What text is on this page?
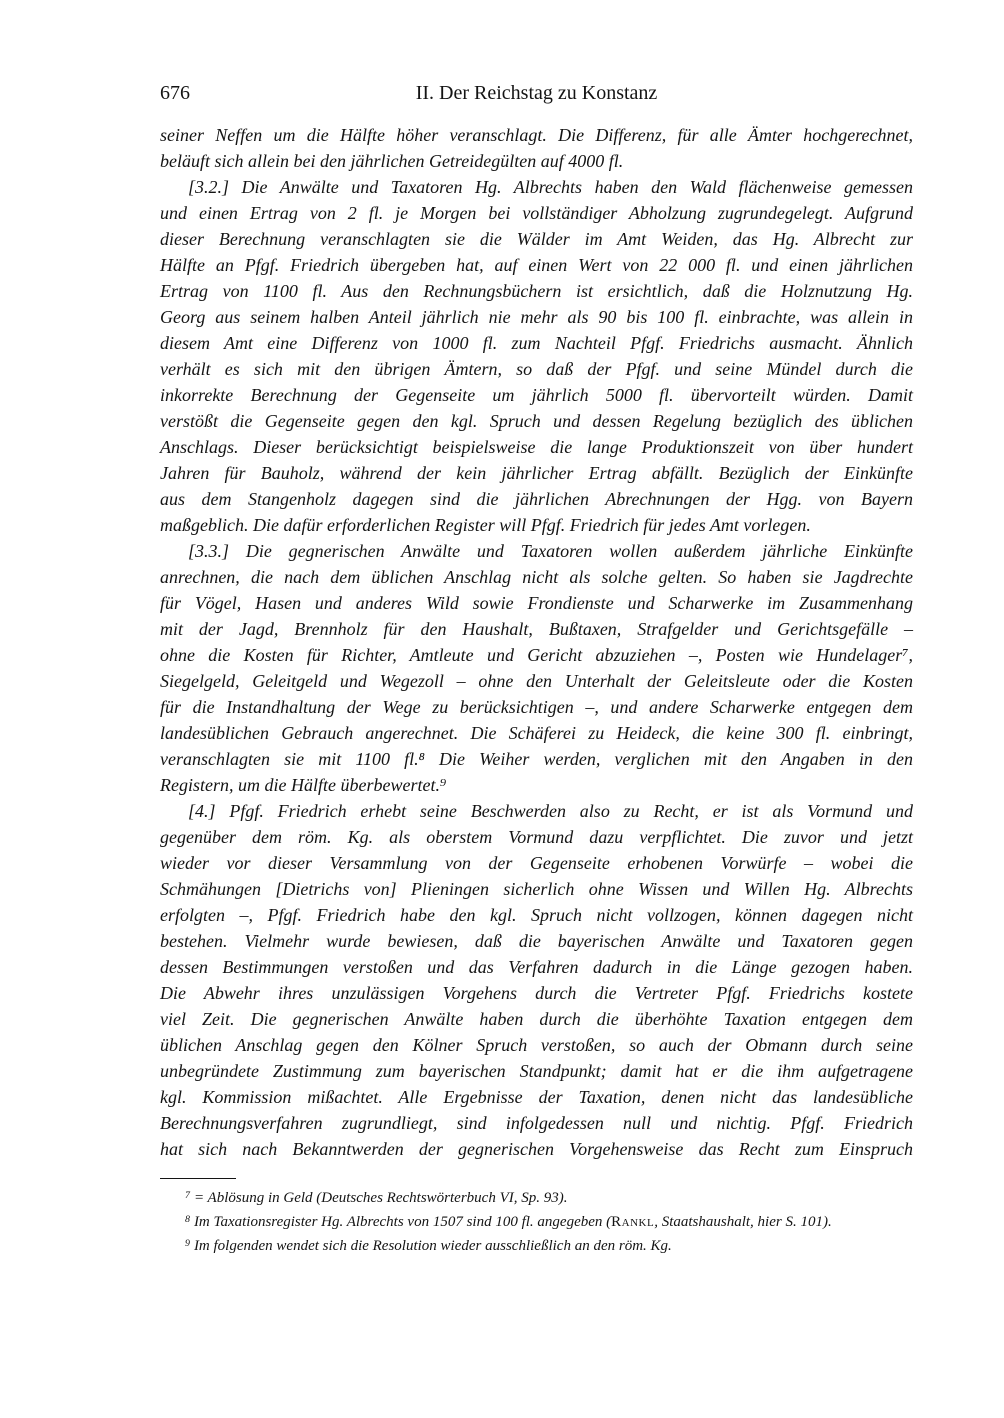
676	II. Der Reichstag zu Konstanz
seiner Neffen um die Hälfte höher veranschlagt. Die Differenz, für alle Ämter hochgerechnet,
beläuft sich allein bei den jährlichen Getreidegülten auf 4000 fl.
[3.2.] Die Anwälte und Taxatoren Hg. Albrechts haben den Wald flächenweise gemessen
und einen Ertrag von 2 fl. je Morgen bei vollständiger Abholzung zugrundegelegt. Aufgrund
dieser Berechnung veranschlagten sie die Wälder im Amt Weiden, das Hg. Albrecht zur
Hälfte an Pfgf. Friedrich übergeben hat, auf einen Wert von 22 000 fl. und einen jährlichen
Ertrag von 1100 fl. Aus den Rechnungsbüchern ist ersichtlich, daß die Holznutzung Hg.
Georg aus seinem halben Anteil jährlich nie mehr als 90 bis 100 fl. einbrachte, was allein in
diesem Amt eine Differenz von 1000 fl. zum Nachteil Pfgf. Friedrichs ausmacht. Ähnlich
verhält es sich mit den übrigen Ämtern, so daß der Pfgf. und seine Mündel durch die
inkorrekte Berechnung der Gegenseite um jährlich 5000 fl. übervorteilt würden. Damit
verstößt die Gegenseite gegen den kgl. Spruch und dessen Regelung bezüglich des üblichen
Anschlags. Dieser berücksichtigt beispielsweise die lange Produktionszeit von über hundert
Jahren für Bauholz, während der kein jährlicher Ertrag abfällt. Bezüglich der Einkünfte
aus dem Stangenholz dagegen sind die jährlichen Abrechnungen der Hgg. von Bayern
maßgeblich. Die dafür erforderlichen Register will Pfgf. Friedrich für jedes Amt vorlegen.
[3.3.] Die gegnerischen Anwälte und Taxatoren wollen außerdem jährliche Einkünfte
anrechnen, die nach dem üblichen Anschlag nicht als solche gelten. So haben sie Jagdrechte
für Vögel, Hasen und anderes Wild sowie Frondienste und Scharwerke im Zusammenhang
mit der Jagd, Brennholz für den Haushalt, Bußtaxen, Strafgelder und Gerichtsgefälle –
ohne die Kosten für Richter, Amtleute und Gericht abzuziehen –, Posten wie Hundelager⁷,
Siegelgeld, Geleitgeld und Wegezoll – ohne den Unterhalt der Geleitsleute oder die Kosten
für die Instandhaltung der Wege zu berücksichtigen –, und andere Scharwerke entgegen dem
landesüblichen Gebrauch angerechnet. Die Schäferei zu Heideck, die keine 300 fl. einbringt,
veranschlagten sie mit 1100 fl.⁸ Die Weiher werden, verglichen mit den Angaben in den
Registern, um die Hälfte überbewertet.⁹
[4.] Pfgf. Friedrich erhebt seine Beschwerden also zu Recht, er ist als Vormund und
gegenüber dem röm. Kg. als oberstem Vormund dazu verpflichtet. Die zuvor und jetzt
wieder vor dieser Versammlung von der Gegenseite erhobenen Vorwürfe – wobei die
Schmähungen [Dietrichs von] Plieningen sicherlich ohne Wissen und Willen Hg. Albrechts
erfolgten –, Pfgf. Friedrich habe den kgl. Spruch nicht vollzogen, können dagegen nicht
bestehen. Vielmehr wurde bewiesen, daß die bayerischen Anwälte und Taxatoren gegen
dessen Bestimmungen verstoßen und das Verfahren dadurch in die Länge gezogen haben.
Die Abwehr ihres unzulässigen Vorgehens durch die Vertreter Pfgf. Friedrichs kostete
viel Zeit. Die gegnerischen Anwälte haben durch die überhöhte Taxation entgegen dem
üblichen Anschlag gegen den Kölner Spruch verstoßen, so auch der Obmann durch seine
unbegründete Zustimmung zum bayerischen Standpunkt; damit hat er die ihm aufgetragene
kgl. Kommission mißachtet. Alle Ergebnisse der Taxation, denen nicht das landesübliche
Berechnungsverfahren zugrundliegt, sind infolgedessen null und nichtig. Pfgf. Friedrich
hat sich nach Bekanntwerden der gegnerischen Vorgehensweise das Recht zum Einspruch
$^7$ = Ablösung in Geld (Deutsches Rechtswörterbuch VI, Sp. 93).
$^8$ Im Taxationsregister Hg. Albrechts von 1507 sind 100 fl. angegeben (Rankl, Staatshaushalt, hier S. 101).
$^9$ Im folgenden wendet sich die Resolution wieder ausschließlich an den röm. Kg.
